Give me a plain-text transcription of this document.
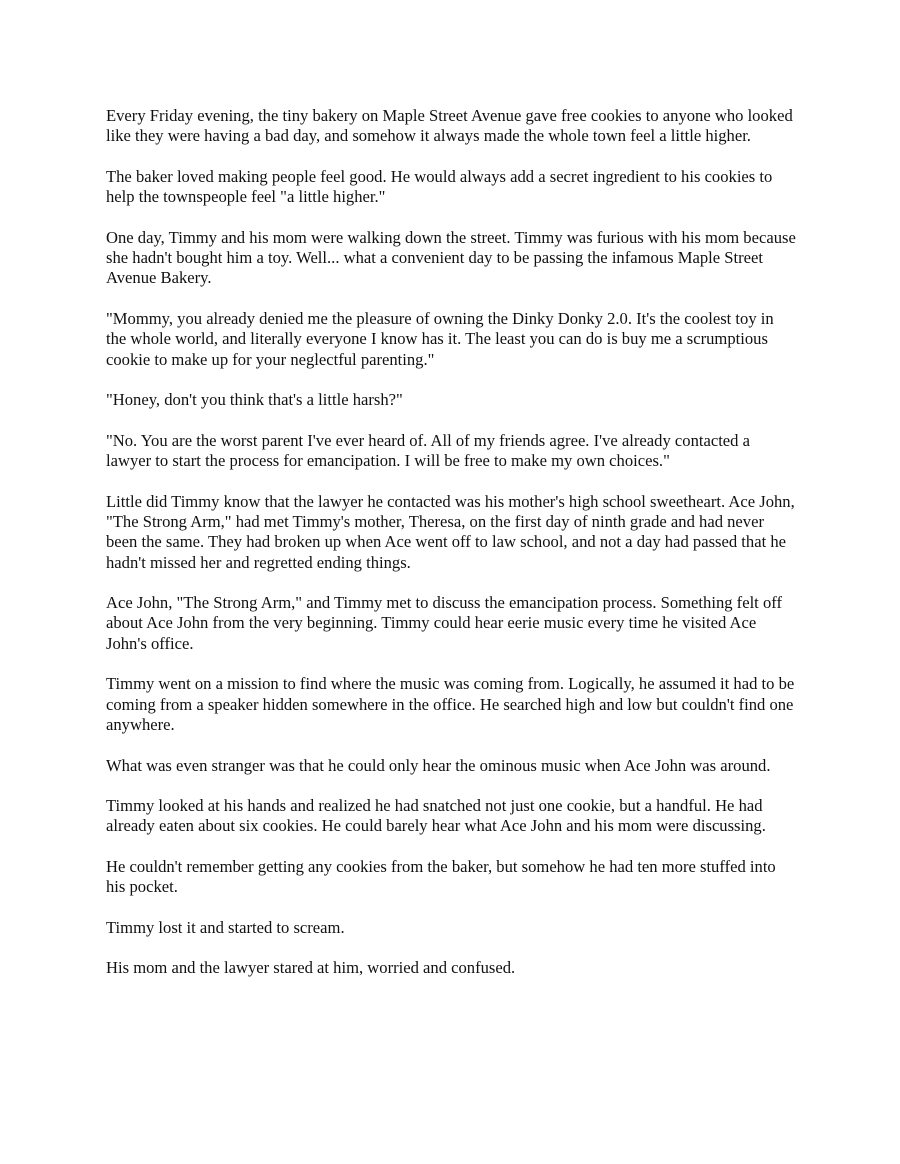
Every Friday evening, the tiny bakery on Maple Street Avenue gave free cookies to anyone who looked like they were having a bad day, and somehow it always made the whole town feel a little higher.

The baker loved making people feel good. He would always add a secret ingredient to his cookies to help the townspeople feel "a little higher."

One day, Timmy and his mom were walking down the street. Timmy was furious with his mom because she hadn't bought him a toy. Well... what a convenient day to be passing the infamous Maple Street Avenue Bakery.

"Mommy, you already denied me the pleasure of owning the Dinky Donky 2.0. It's the coolest toy in the whole world, and literally everyone I know has it. The least you can do is buy me a scrumptious cookie to make up for your neglectful parenting."

"Honey, don't you think that's a little harsh?"

"No. You are the worst parent I've ever heard of. All of my friends agree. I've already contacted a lawyer to start the process for emancipation. I will be free to make my own choices."

Little did Timmy know that the lawyer he contacted was his mother's high school sweetheart. Ace John, "The Strong Arm," had met Timmy's mother, Theresa, on the first day of ninth grade and had never been the same. They had broken up when Ace went off to law school, and not a day had passed that he hadn't missed her and regretted ending things.

Ace John, "The Strong Arm," and Timmy met to discuss the emancipation process. Something felt off about Ace John from the very beginning. Timmy could hear eerie music every time he visited Ace John's office.

Timmy went on a mission to find where the music was coming from. Logically, he assumed it had to be coming from a speaker hidden somewhere in the office. He searched high and low but couldn't find one anywhere.

What was even stranger was that he could only hear the ominous music when Ace John was around.

Timmy looked at his hands and realized he had snatched not just one cookie, but a handful. He had already eaten about six cookies. He could barely hear what Ace John and his mom were discussing.

He couldn't remember getting any cookies from the baker, but somehow he had ten more stuffed into his pocket.

Timmy lost it and started to scream.

His mom and the lawyer stared at him, worried and confused.
